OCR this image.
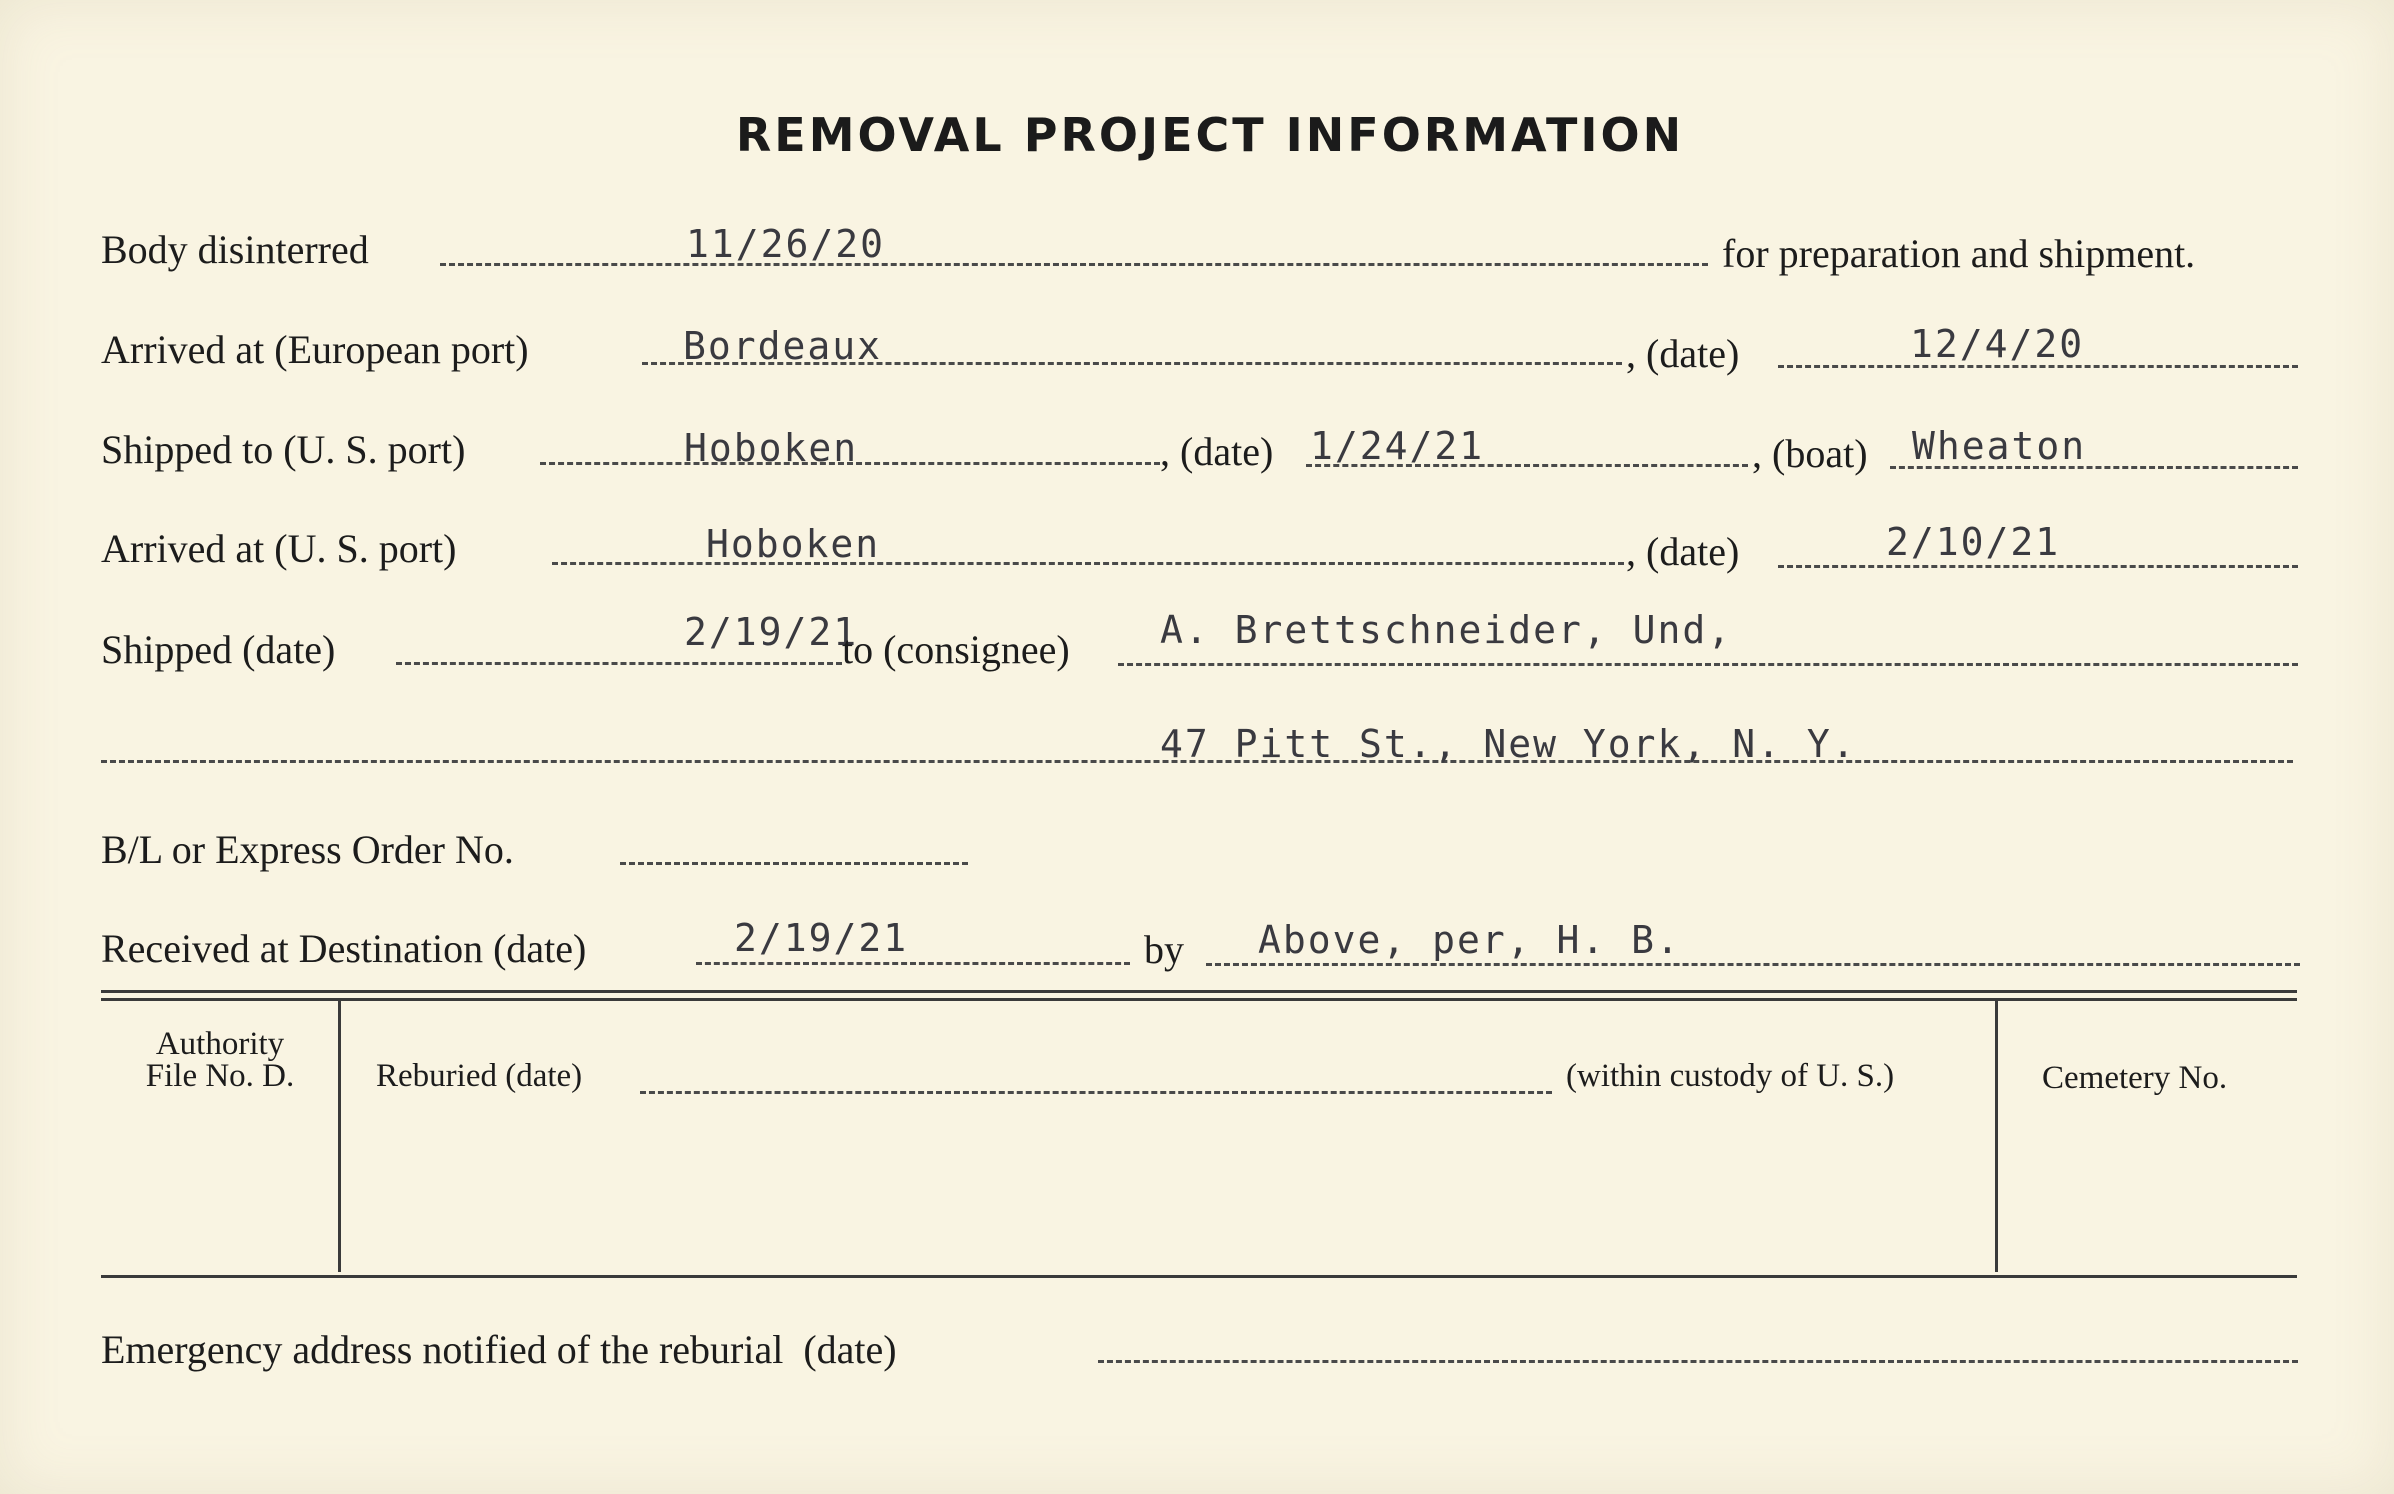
REMOVAL PROJECT INFORMATION
Body disinterred	11/26/20	for preparation and shipment.
Arrived at (European port)	Bordeaux	, (date)	12/4/20
Shipped to (U. S. port)	Hoboken	, (date) 1/24/21	, (boat) Wheaton
Arrived at (U. S. port)	Hoboken	, (date)	2/10/21
Shipped (date)	2/19/21
to (consignee) A. Brettschneider, Und,
47 Pitt St., New York, N. Y.
B/L or Express Order No.
Received at Destination (date)	2/19/21	by Above, per, H. B.
Authority
File No. D.	Reburied (date)	(within custody of U. S.)	Cemetery No.
Emergency address notified of the reburial  (date)
